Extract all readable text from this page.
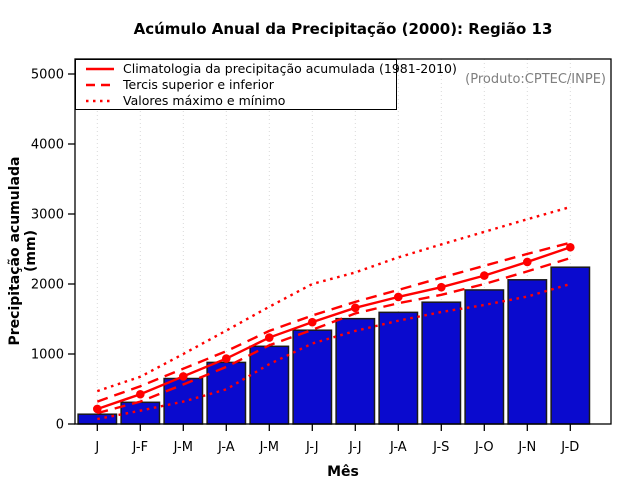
Acúmulo Anual da Precipitação (2000): Região 13
Precipitação acumulada (mm)
0
1000
2000
3000
4000
5000
J	J-F J-M J-A J-M J-J J-J J-A J-S J-O J-N J-D
Climatologia da precipitação acumulada (1981-2010)
Tercis superior e inferior
Valores máximo e mínimo
(Produto:CPTEC/INPE)
Mês
